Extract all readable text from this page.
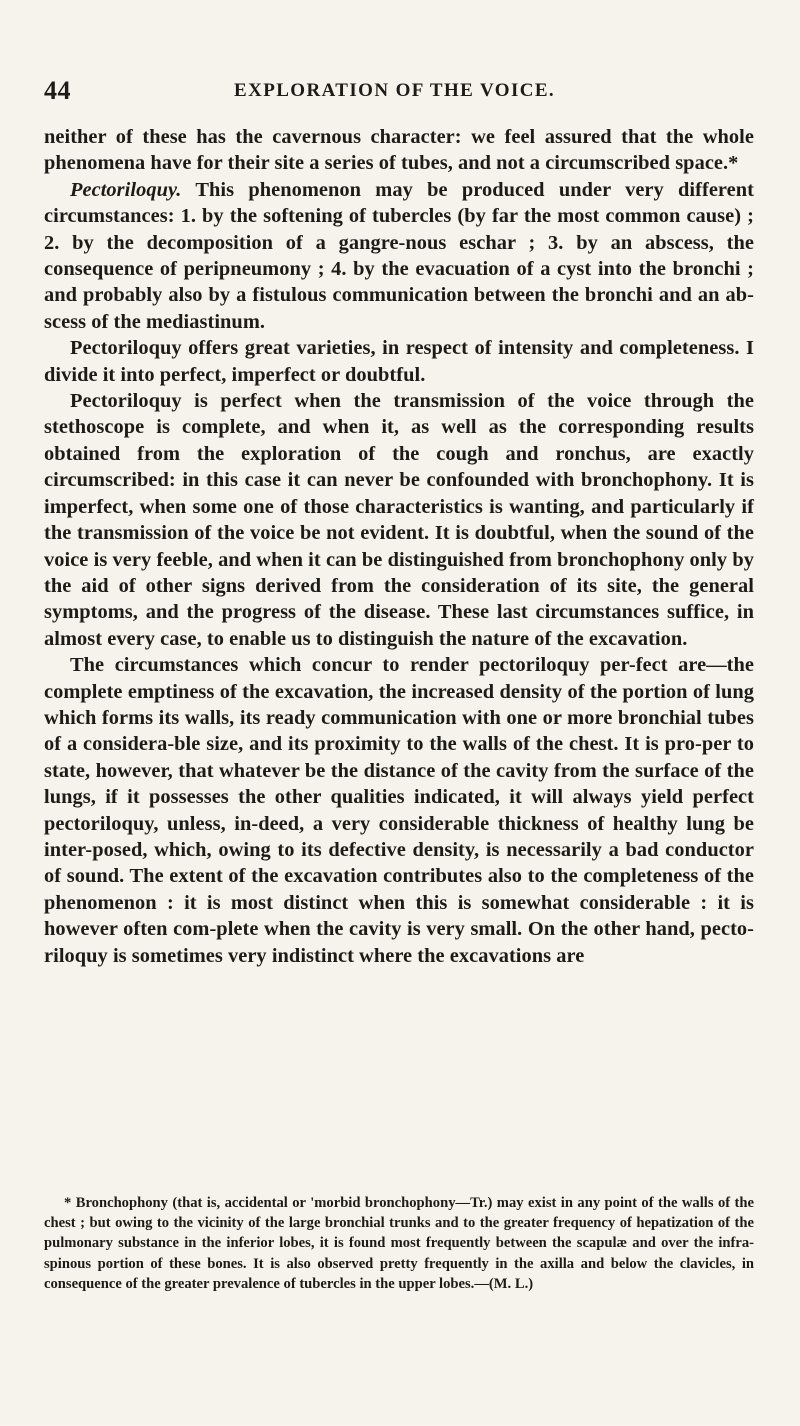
44	EXPLORATION OF THE VOICE.

neither of these has the cavernous character: we feel assured that the whole phenomena have for their site a series of tubes, and not a circumscribed space.*

Pectoriloquy. This phenomenon may be produced under very different circumstances: 1. by the softening of tubercles (by far the most common cause) ; 2. by the decomposition of a gangre-nous eschar ; 3. by an abscess, the consequence of peripneumony ; 4. by the evacuation of a cyst into the bronchi ; and probably also by a fistulous communication between the bronchi and an ab-scess of the mediastinum.

Pectoriloquy offers great varieties, in respect of intensity and completeness. I divide it into perfect, imperfect or doubtful.

Pectoriloquy is perfect when the transmission of the voice through the stethoscope is complete, and when it, as well as the corresponding results obtained from the exploration of the cough and ronchus, are exactly circumscribed: in this case it can never be confounded with bronchophony. It is imperfect, when some one of those characteristics is wanting, and particularly if the transmission of the voice be not evident. It is doubtful, when the sound of the voice is very feeble, and when it can be distinguished from bronchophony only by the aid of other signs derived from the consideration of its site, the general symptoms, and the progress of the disease. These last circumstances suffice, in almost every case, to enable us to distinguish the nature of the excavation.

The circumstances which concur to render pectoriloquy per-fect are—the complete emptiness of the excavation, the increased density of the portion of lung which forms its walls, its ready communication with one or more bronchial tubes of a considera-ble size, and its proximity to the walls of the chest. It is pro-per to state, however, that whatever be the distance of the cavity from the surface of the lungs, if it possesses the other qualities indicated, it will always yield perfect pectoriloquy, unless, in-deed, a very considerable thickness of healthy lung be inter-posed, which, owing to its defective density, is necessarily a bad conductor of sound. The extent of the excavation contributes also to the completeness of the phenomenon : it is most distinct when this is somewhat considerable : it is however often com-plete when the cavity is very small. On the other hand, pecto-riloquy is sometimes very indistinct where the excavations are

* Bronchophony (that is, accidental or 'morbid bronchophony—Tr.) may exist in any point of the walls of the chest ; but owing to the vicinity of the large bronchial trunks and to the greater frequency of hepatization of the pulmonary substance in the inferior lobes, it is found most frequently between the scapulæ and over the infra-spinous portion of these bones. It is also observed pretty frequently in the axilla and below the clavicles, in consequence of the greater prevalence of tubercles in the upper lobes.—(M. L.)
